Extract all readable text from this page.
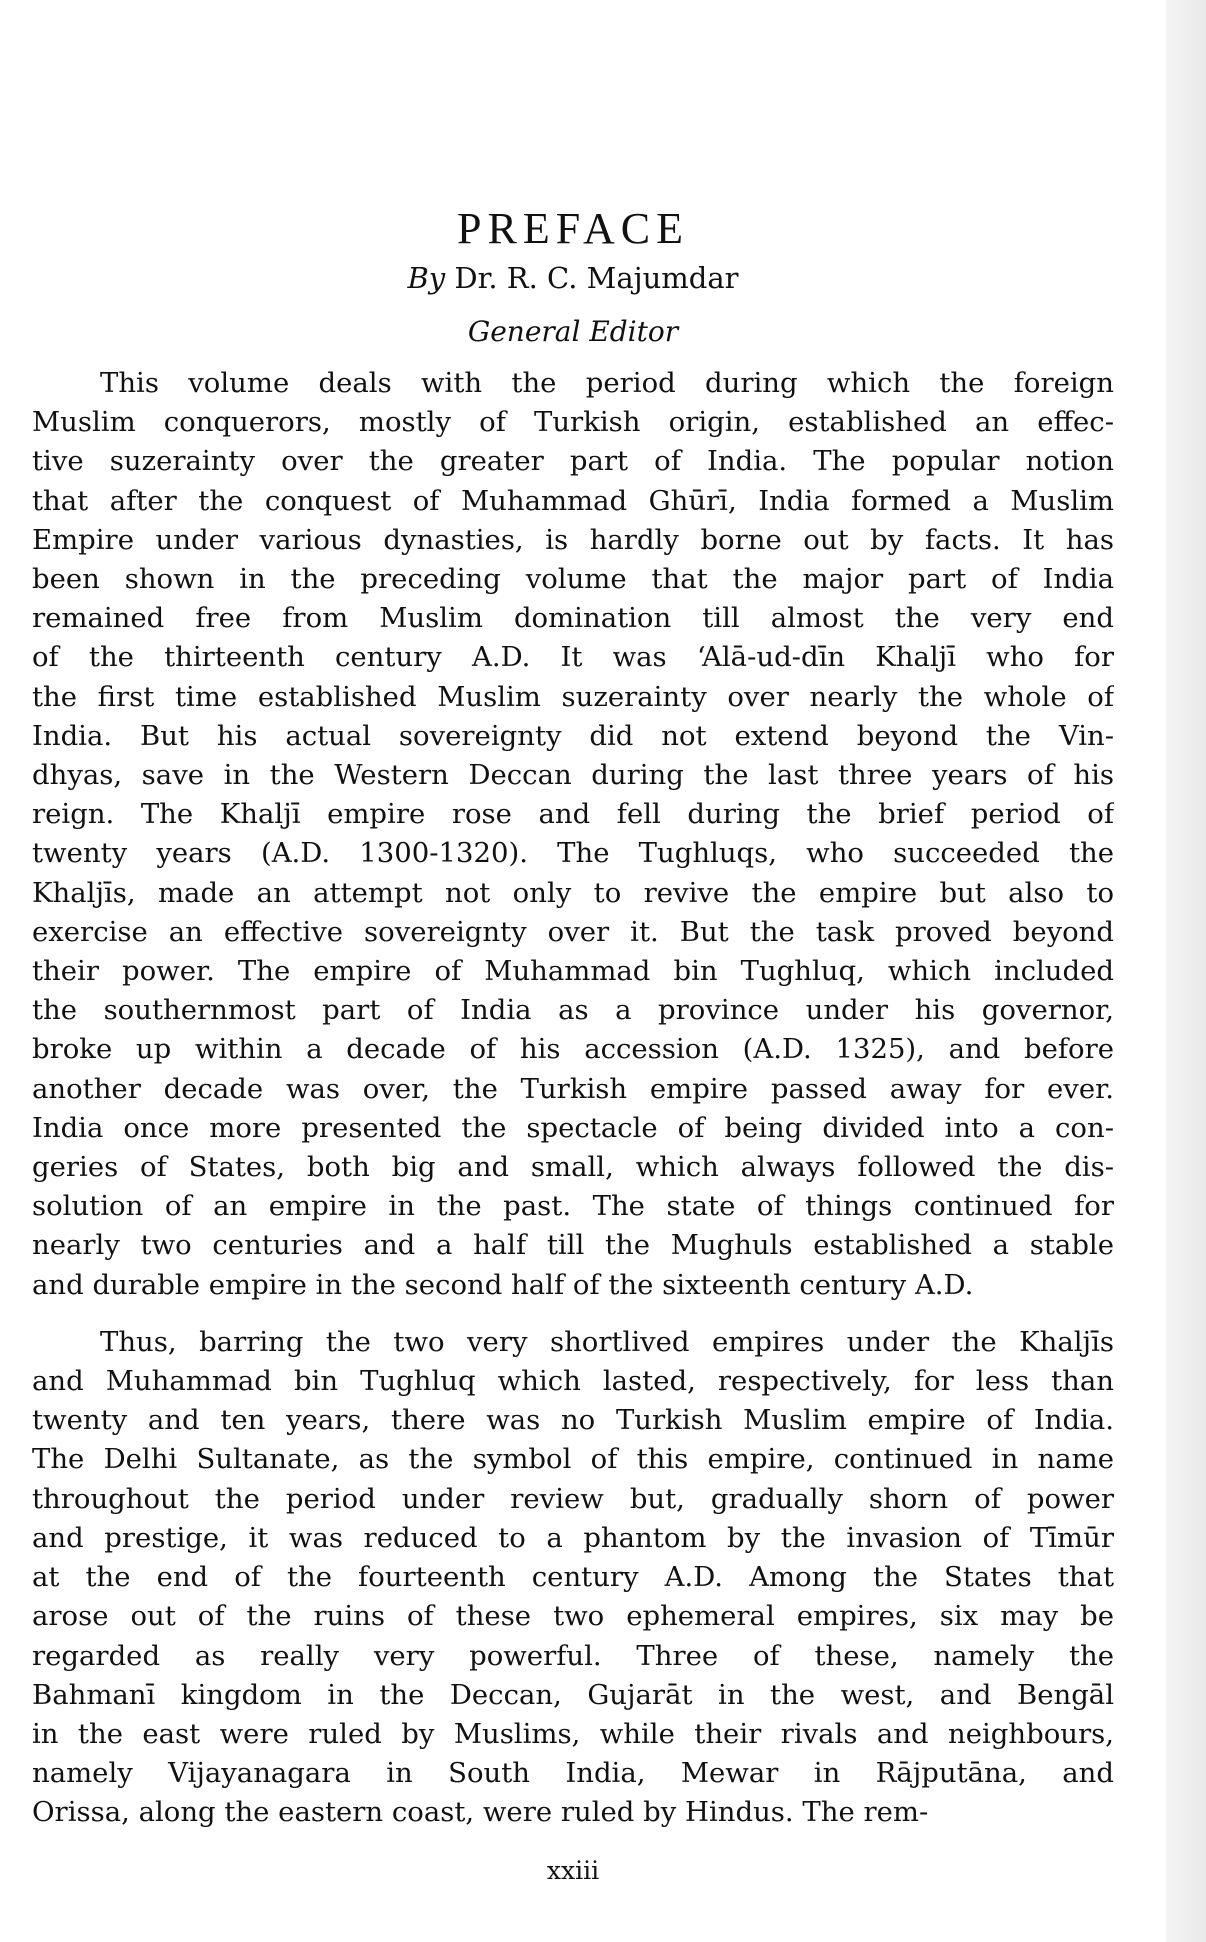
PREFACE
By Dr. R. C. Majumdar
General Editor

This volume deals with the period during which the foreign
Muslim conquerors, mostly of Turkish origin, established an effec-
tive suzerainty over the greater part of India. The popular notion
that after the conquest of Muhammad Ghūrī, India formed a Muslim
Empire under various dynasties, is hardly borne out by facts. It has
been shown in the preceding volume that the major part of India
remained free from Muslim domination till almost the very end
of the thirteenth century A.D. It was ‘Alā-ud-dīn Khaljī who for
the first time established Muslim suzerainty over nearly the whole of
India. But his actual sovereignty did not extend beyond the Vin-
dhyas, save in the Western Deccan during the last three years of his
reign. The Khaljī empire rose and fell during the brief period of
twenty years (A.D. 1300-1320). The Tughluqs, who succeeded the
Khaljīs, made an attempt not only to revive the empire but also to
exercise an effective sovereignty over it. But the task proved beyond
their power. The empire of Muhammad bin Tughluq, which included
the southernmost part of India as a province under his governor,
broke up within a decade of his accession (A.D. 1325), and before
another decade was over, the Turkish empire passed away for ever.
India once more presented the spectacle of being divided into a con-
geries of States, both big and small, which always followed the dis-
solution of an empire in the past. The state of things continued for
nearly two centuries and a half till the Mughuls established a stable
and durable empire in the second half of the sixteenth century A.D.

Thus, barring the two very shortlived empires under the Khaljīs
and Muhammad bin Tughluq which lasted, respectively, for less than
twenty and ten years, there was no Turkish Muslim empire of India.
The Delhi Sultanate, as the symbol of this empire, continued in name
throughout the period under review but, gradually shorn of power
and prestige, it was reduced to a phantom by the invasion of Tīmūr
at the end of the fourteenth century A.D. Among the States that
arose out of the ruins of these two ephemeral empires, six may be
regarded as really very powerful. Three of these, namely the
Bahmanī kingdom in the Deccan, Gujarāt in the west, and Bengāl
in the east were ruled by Muslims, while their rivals and neighbours,
namely Vijayanagara in South India, Mewar in Rājputāna, and
Orissa, along the eastern coast, were ruled by Hindus. The rem-

xxiii
